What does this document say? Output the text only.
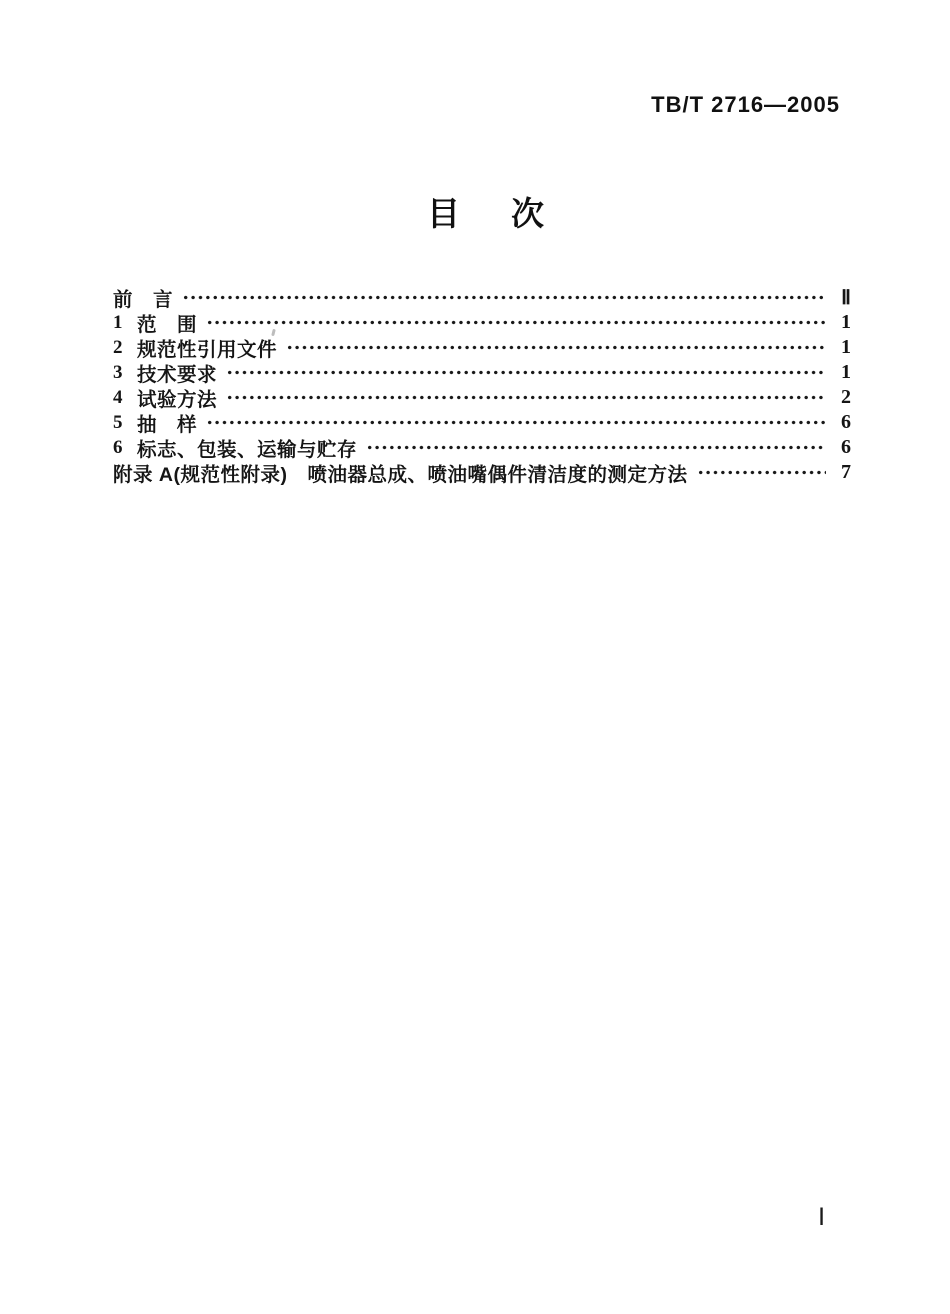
TB/T 2716—2005
目　次
前　言	Ⅱ
1 范　围	1
2 规范性引用文件	1
3 技术要求	1
4 试验方法	2
5 抽　样	6
6 标志、包装、运输与贮存	6
附录 A(规范性附录)　喷油器总成、喷油嘴偶件清洁度的测定方法	7
Ⅰ
